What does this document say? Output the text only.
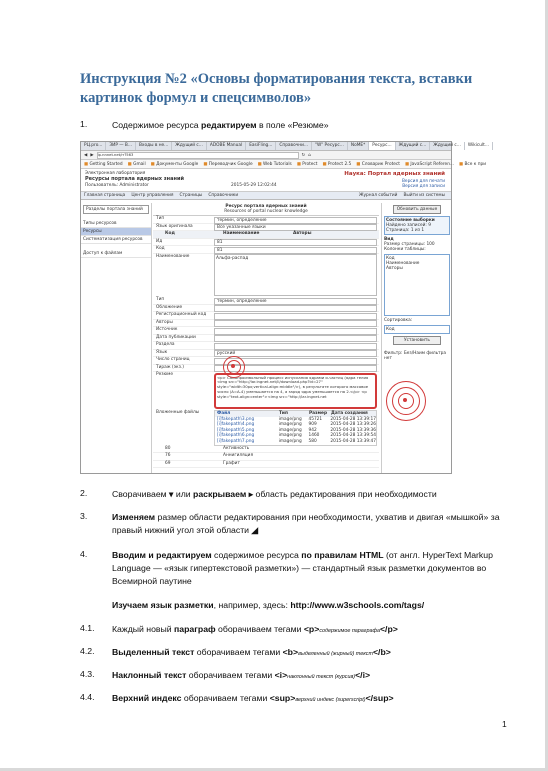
Инструкция №2 «Основы форматирования текста, вставки картинок формул и спецсимволов»
1.	Содержимое ресурса редактируем в поле «Резюме»
РЦ.pro...	ЗИР — В...	Входы в не...	Ждущий с...	ADOBE Manual	EasiFling...	Справочни...	"W" Ресурс...	NoME*	Ресурс...	Ждущий с...	Ждущий с...	Wikicult...
◀ ▶ ip.nnnet.net/rr?563	↻ ⌂
■ Getting Started	■ Gmail	■ Документы Google	■ Переводчик Google	■ Web Tutorials	■ Protect	■ Protect 2.5	■ Словарик Protect	■ JavaScript Referen...	■ Все к при
Электронная лаборатория
Ресурсы портала ядерных знаний
Пользователь: Administrator	2015-05-29 12:02:44
Наука: Портал ядерных знаний
Версия для печати
Версия для записи
Главная страница Центр управления Страницы Справочники	Журнал событий Выйти из системы
Разделы портала знаний
Типы ресурсов
Ресурсы
Систематизация ресурсов
Доступ к файлам
Ресурс портала ядерных знаний
Resources of portal nuclear knowledge
Тип	термин, определение
Язык оригинала	Все указанные языки
Код	Наименование	Авторы
Ид	81
Код	81
Наименование	Альфа-распад
Тип	термин, определение
Обложение
Регистрационный код
Авторы
Источник
Дата публикации
Раздела
Язык	русский
Число страниц
Тираж (экз.)
Резюме	<p> Самопроизвольный процесс испускания ядрами α-частиц (ядра гелия <img src="http://lar.ingnet.net/ii/download.php?id=27" style="width:30px;vertical-align:middle"/>), в результате которого массовое число (A=A-4) уменьшается на 4, а заряд ядра уменьшается на 2.</p> <p style="text-align:center"><img src="http://lar.ingnet.net
Вложенные файлы	Файл	Тип	Размер Дата создания
[i]fakepath\3.png	image/png	45721	2015-04-28 13:39:17
[i]fakepath\4.png	image/png	909	2015-04-28 13:39:26
[i]fakepath\5.png	image/png	942	2015-04-28 13:39:36
[i]fakepath\6.png	image/png	1460	2015-04-28 13:39:54
[i]fakepath\7.png	image/png	580	2015-04-28 13:39:47
80	Активность
76	Аннигиляция
69	Графит
Обновить данные
Состояние выборки
Найдено записей: 9
Страница: 1 из 1
Вид
Размер страницы: 100
Колонки таблицы:
Код
Наименование
Авторы
Сортировка:
Код
Установить
Фильтр: Без/Наим фильтра нет
2.	Сворачиваем ▾ или раскрываем ▸ область редактирования при необходимости
3.	Изменяем размер области редактирования при необходимости, ухватив и двигая «мышкой» за правый нижний угол этой области ◢
4.	Вводим и редактируем содержимое ресурса по правилам HTML (от англ. HyperText Markup Language — «язык гипертекстовой разметки») — стандартный язык разметки документов во Всемирной паутине
Изучаем язык разметки, например, здесь: http://www.w3schools.com/tags/
4.1. Каждый новый параграф оборачиваем тегами <p>содержимое параграфа</p>
4.2. Выделенный текст оборачиваем тегами <b>выделенный (жирный) текст</b>
4.3. Наклонный текст оборачиваем тегами <i>наклонный текст (курсив)</i>
4.4. Верхний индекс оборачиваем тегами <sup>верхний индекс (superscript)</sup>
1
